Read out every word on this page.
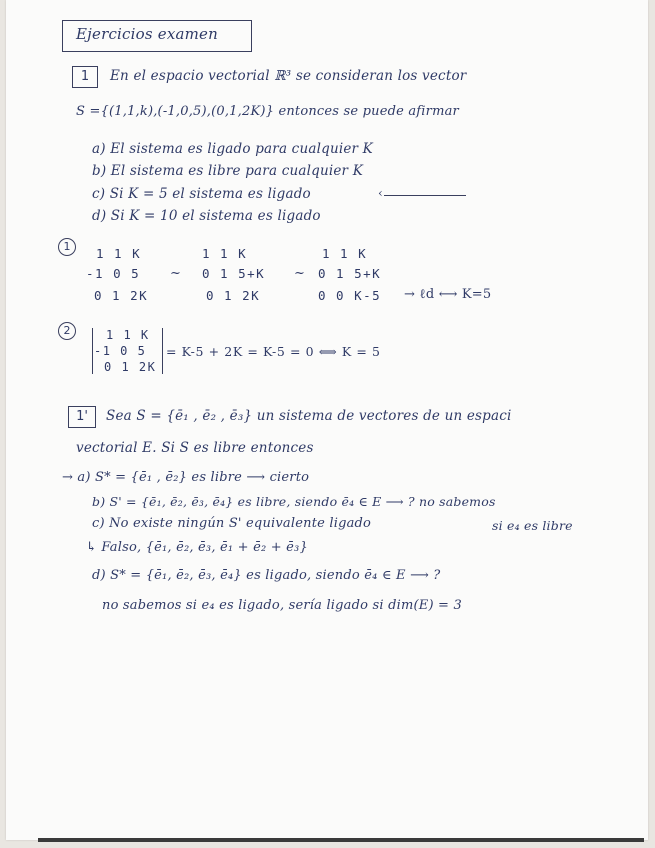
Ejercicios examen
1	En el espacio vectorial ℝ³ se consideran los vector
S ={(1,1,k),(-1,0,5),(0,1,2K)} entonces se puede afirmar
a) El sistema es ligado para cualquier K
b) El sistema es libre para cualquier K
c) Si K = 5 el sistema es ligado	‹
d) Si K = 10 el sistema es ligado
1	1 1 K
-1 0 5
0 1 2K
~
1 1 K
0 1 5+K
0 1 2K
~
1 1 K
0 1 5+K
0 0 K-5 → ℓd ⟷ K=5
2	1 1 K
-1 0 5
0 1 2K
= K-5 + 2K = K-5 = 0 ⟺ K = 5
1'	Sea S = {ē₁ , ē₂ , ē₃} un sistema de vectores de un espaci
vectorial E. Si S es libre entonces
→ a) S* = {ē₁ , ē₂} es libre ⟶ cierto
b) S' = {ē₁, ē₂, ē₃, ē₄} es libre, siendo ē₄ ∈ E ⟶ ? no sabemos
si e₄ es libre
c) No existe ningún S' equivalente ligado
↳ Falso, {ē₁, ē₂, ē₃, ē₁ + ē₂ + ē₃}
d) S* = {ē₁, ē₂, ē₃, ē₄} es ligado, siendo ē₄ ∈ E ⟶ ?
no sabemos si e₄ es ligado, sería ligado si dim(E) = 3
